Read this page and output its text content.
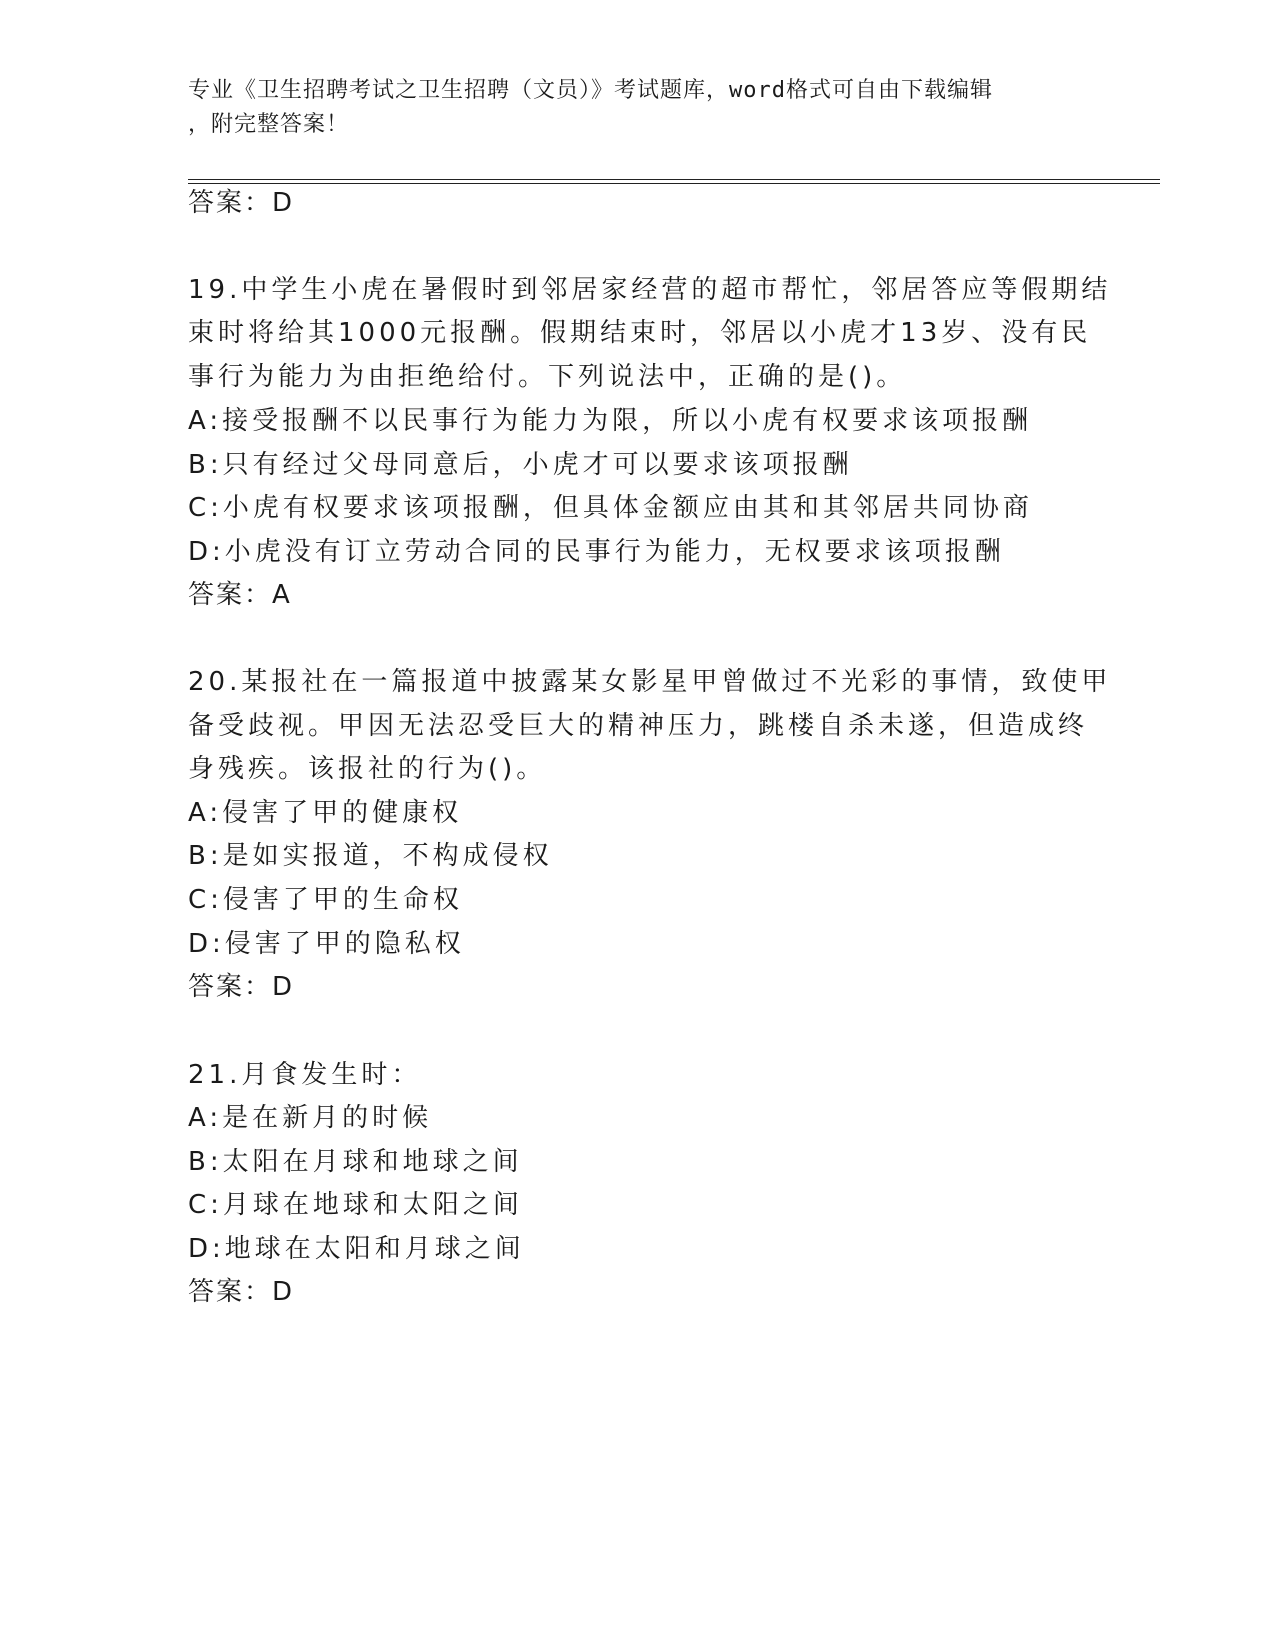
专业《卫生招聘考试之卫生招聘（文员）》考试题库，word格式可自由下载编辑
，附完整答案！
答案：D
19.中学生小虎在暑假时到邻居家经营的超市帮忙，邻居答应等假期结
束时将给其1000元报酬。假期结束时，邻居以小虎才13岁、没有民
事行为能力为由拒绝给付。下列说法中，正确的是()。
A:接受报酬不以民事行为能力为限，所以小虎有权要求该项报酬
B:只有经过父母同意后，小虎才可以要求该项报酬
C:小虎有权要求该项报酬，但具体金额应由其和其邻居共同协商
D:小虎没有订立劳动合同的民事行为能力，无权要求该项报酬
答案：A
20.某报社在一篇报道中披露某女影星甲曾做过不光彩的事情，致使甲
备受歧视。甲因无法忍受巨大的精神压力，跳楼自杀未遂，但造成终
身残疾。该报社的行为()。
A:侵害了甲的健康权
B:是如实报道，不构成侵权
C:侵害了甲的生命权
D:侵害了甲的隐私权
答案：D
21.月食发生时：
A:是在新月的时候
B:太阳在月球和地球之间
C:月球在地球和太阳之间
D:地球在太阳和月球之间
答案：D
